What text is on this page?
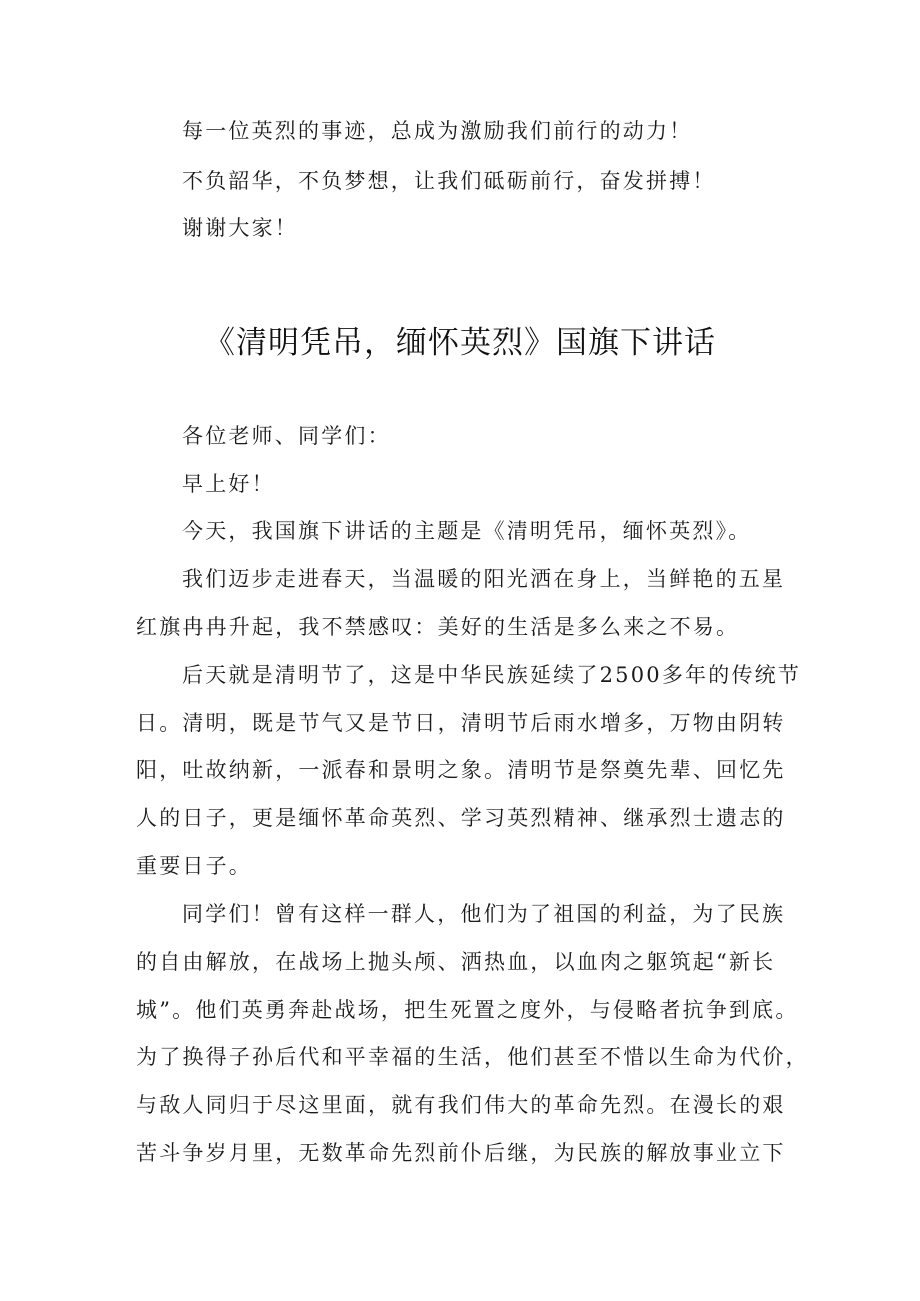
每一位英烈的事迹，总成为激励我们前行的动力！
不负韶华，不负梦想，让我们砥砺前行，奋发拼搏！
谢谢大家！
《清明凭吊，缅怀英烈》国旗下讲话
各位老师、同学们：
早上好！
今天，我国旗下讲话的主题是《清明凭吊，缅怀英烈》。
我们迈步走进春天，当温暖的阳光洒在身上，当鲜艳的五星
红旗冉冉升起，我不禁感叹：美好的生活是多么来之不易。
后天就是清明节了，这是中华民族延续了2500多年的传统节
日。清明，既是节气又是节日，清明节后雨水增多，万物由阴转
阳，吐故纳新，一派春和景明之象。清明节是祭奠先辈、回忆先
人的日子，更是缅怀革命英烈、学习英烈精神、继承烈士遗志的
重要日子。
同学们！曾有这样一群人，他们为了祖国的利益，为了民族
的自由解放，在战场上抛头颅、洒热血，以血肉之躯筑起“新长
城”。他们英勇奔赴战场，把生死置之度外，与侵略者抗争到底。
为了换得子孙后代和平幸福的生活，他们甚至不惜以生命为代价，
与敌人同归于尽这里面，就有我们伟大的革命先烈。在漫长的艰
苦斗争岁月里，无数革命先烈前仆后继，为民族的解放事业立下
